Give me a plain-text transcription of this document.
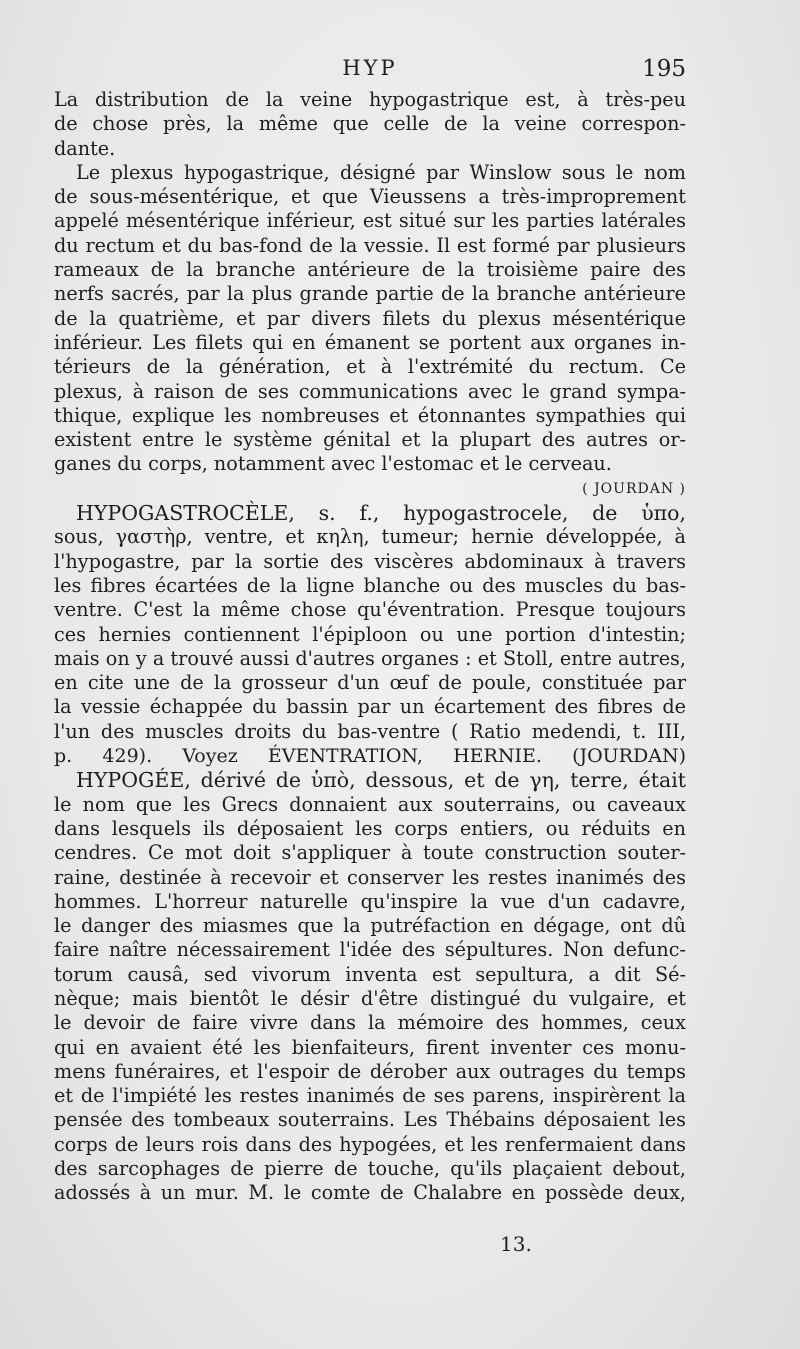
HYP	195
La distribution de la veine hypogastrique est, à très-peu
de chose près, la même que celle de la veine correspon-
dante.
Le plexus hypogastrique, désigné par Winslow sous le nom
de sous-mésentérique, et que Vieussens a très-improprement
appelé mésentérique inférieur, est situé sur les parties latérales
du rectum et du bas-fond de la vessie. Il est formé par plusieurs
rameaux de la branche antérieure de la troisième paire des
nerfs sacrés, par la plus grande partie de la branche antérieure
de la quatrième, et par divers filets du plexus mésentérique
inférieur. Les filets qui en émanent se portent aux organes in-
térieurs de la génération, et à l'extrémité du rectum. Ce
plexus, à raison de ses communications avec le grand sympa-
thique, explique les nombreuses et étonnantes sympathies qui
existent entre le système génital et la plupart des autres or-
ganes du corps, notamment avec l'estomac et le cerveau.
( JOURDAN )
HYPOGASTROCÈLE, s. f., hypogastrocele, de ὑπο,
sous, γαστὴρ, ventre, et κηλη, tumeur; hernie développée, à
l'hypogastre, par la sortie des viscères abdominaux à travers
les fibres écartées de la ligne blanche ou des muscles du bas-
ventre. C'est la même chose qu'éventration. Presque toujours
ces hernies contiennent l'épiploon ou une portion d'intestin;
mais on y a trouvé aussi d'autres organes : et Stoll, entre autres,
en cite une de la grosseur d'un œuf de poule, constituée par
la vessie échappée du bassin par un écartement des fibres de
l'un des muscles droits du bas-ventre ( Ratio medendi, t. III,
p. 429). Voyez ÉVENTRATION, HERNIE. (JOURDAN)
HYPOGÉE, dérivé de ὑπὸ, dessous, et de γη, terre, était
le nom que les Grecs donnaient aux souterrains, ou caveaux
dans lesquels ils déposaient les corps entiers, ou réduits en
cendres. Ce mot doit s'appliquer à toute construction souter-
raine, destinée à recevoir et conserver les restes inanimés des
hommes. L'horreur naturelle qu'inspire la vue d'un cadavre,
le danger des miasmes que la putréfaction en dégage, ont dû
faire naître nécessairement l'idée des sépultures. Non defunc-
torum causâ, sed vivorum inventa est sepultura, a dit Sé-
nèque; mais bientôt le désir d'être distingué du vulgaire, et
le devoir de faire vivre dans la mémoire des hommes, ceux
qui en avaient été les bienfaiteurs, firent inventer ces monu-
mens funéraires, et l'espoir de dérober aux outrages du temps
et de l'impiété les restes inanimés de ses parens, inspirèrent la
pensée des tombeaux souterrains. Les Thébains déposaient les
corps de leurs rois dans des hypogées, et les renfermaient dans
des sarcophages de pierre de touche, qu'ils plaçaient debout,
adossés à un mur. M. le comte de Chalabre en possède deux,
13.
